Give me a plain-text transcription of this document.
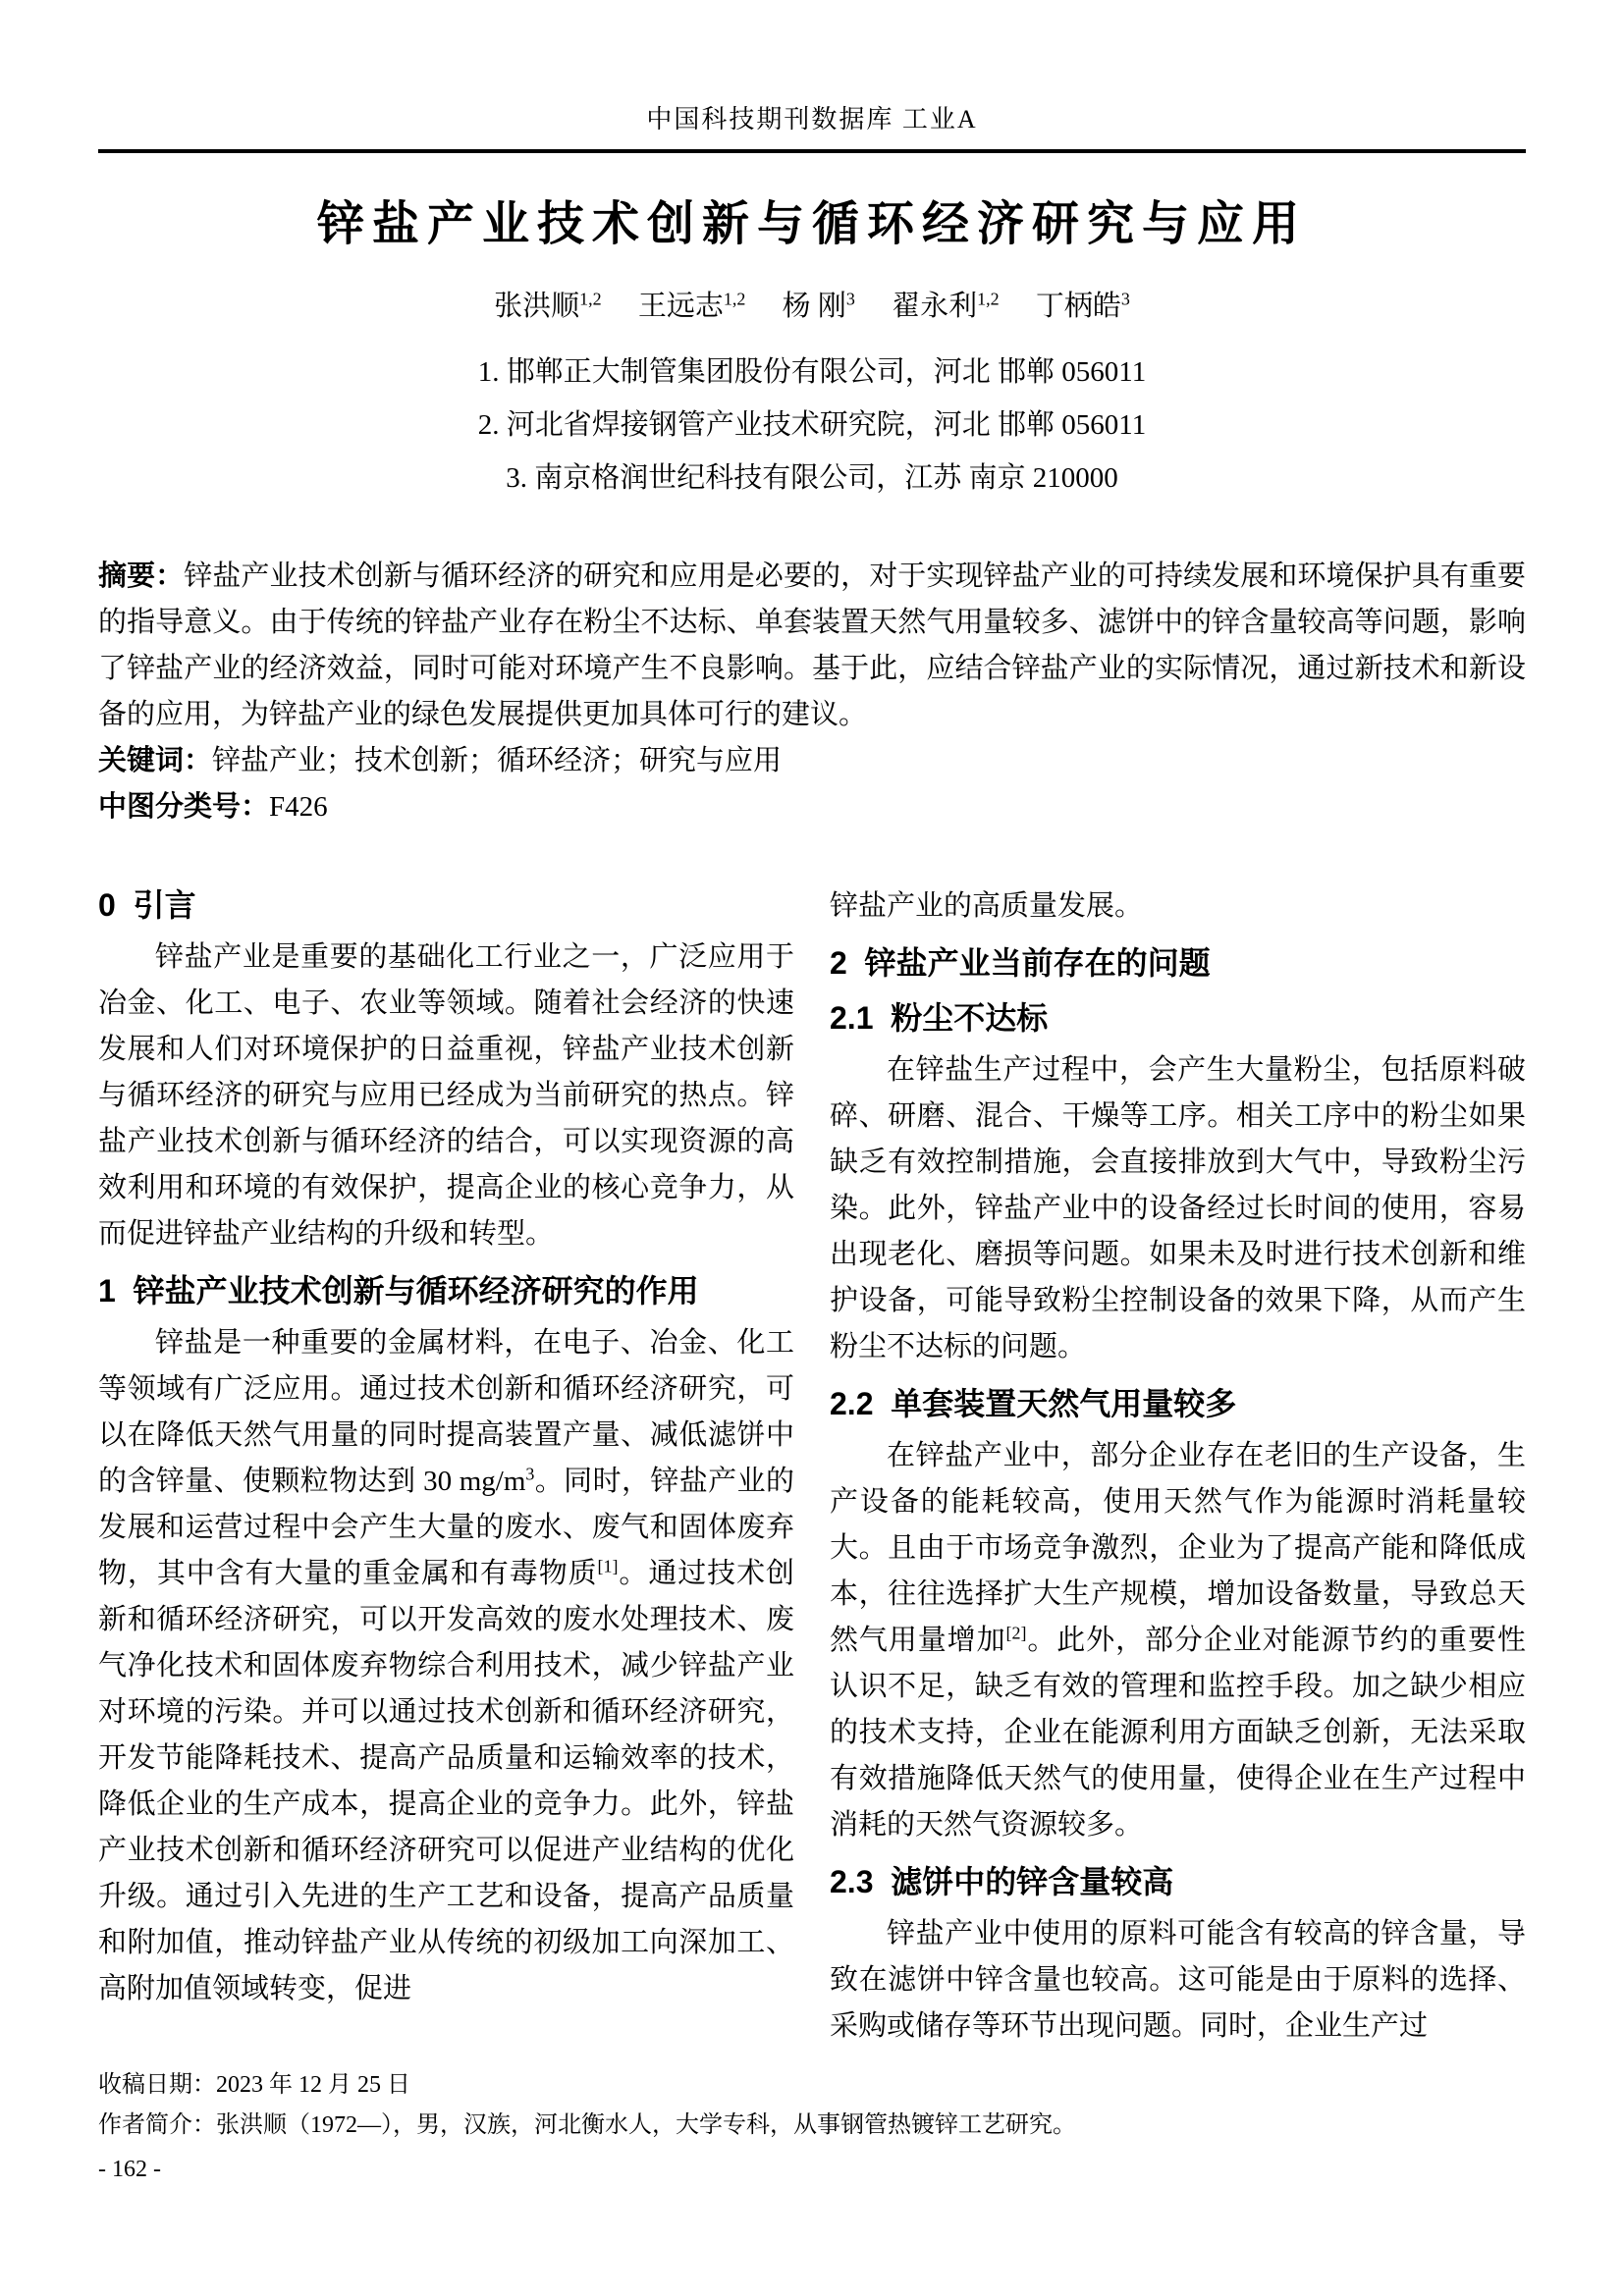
中国科技期刊数据库 工业A
锌盐产业技术创新与循环经济研究与应用
张洪顺$^{1,2}$ 王远志$^{1,2}$ 杨 刚$^3$ 翟永利$^{1,2}$ 丁柄皓$^3$
1. 邯郸正大制管集团股份有限公司，河北 邯郸 056011
2. 河北省焊接钢管产业技术研究院，河北 邯郸 056011
3. 南京格润世纪科技有限公司，江苏 南京 210000

摘要：锌盐产业技术创新与循环经济的研究和应用是必要的，对于实现锌盐产业的可持续发展和环境保护具有重要的指导意义。由于传统的锌盐产业存在粉尘不达标、单套装置天然气用量较多、滤饼中的锌含量较高等问题，影响了锌盐产业的经济效益，同时可能对环境产生不良影响。基于此，应结合锌盐产业的实际情况，通过新技术和新设备的应用，为锌盐产业的绿色发展提供更加具体可行的建议。

关键词：锌盐产业；技术创新；循环经济；研究与应用

中图分类号：F426

0  引言

锌盐产业是重要的基础化工行业之一，广泛应用于冶金、化工、电子、农业等领域。随着社会经济的快速发展和人们对环境保护的日益重视，锌盐产业技术创新与循环经济的研究与应用已经成为当前研究的热点。锌盐产业技术创新与循环经济的结合，可以实现资源的高效利用和环境的有效保护，提高企业的核心竞争力，从而促进锌盐产业结构的升级和转型。

1  锌盐产业技术创新与循环经济研究的作用

锌盐是一种重要的金属材料，在电子、冶金、化工等领域有广泛应用。通过技术创新和循环经济研究，可以在降低天然气用量的同时提高装置产量、减低滤饼中的含锌量、使颗粒物达到 30 $mg/m^3$。同时，锌盐产业的发展和运营过程中会产生大量的废水、废气和固体废弃物，其中含有大量的重金属和有毒物质[1]。通过技术创新和循环经济研究，可以开发高效的废水处理技术、废气净化技术和固体废弃物综合利用技术，减少锌盐产业对环境的污染。并可以通过技术创新和循环经济研究，开发节能降耗技术、提高产品质量和运输效率的技术，降低企业的生产成本，提高企业的竞争力。此外，锌盐产业技术创新和循环经济研究可以促进产业结构的优化升级。通过引入先进的生产工艺和设备，提高产品质量和附加值，推动锌盐产业从传统的初级加工向深加工、高附加值领域转变，促进

锌盐产业的高质量发展。

2  锌盐产业当前存在的问题
2.1  粉尘不达标

在锌盐生产过程中，会产生大量粉尘，包括原料破碎、研磨、混合、干燥等工序。相关工序中的粉尘如果缺乏有效控制措施，会直接排放到大气中，导致粉尘污染。此外，锌盐产业中的设备经过长时间的使用，容易出现老化、磨损等问题。如果未及时进行技术创新和维护设备，可能导致粉尘控制设备的效果下降，从而产生粉尘不达标的问题。

2.2  单套装置天然气用量较多

在锌盐产业中，部分企业存在老旧的生产设备，生产设备的能耗较高，使用天然气作为能源时消耗量较大。且由于市场竞争激烈，企业为了提高产能和降低成本，往往选择扩大生产规模，增加设备数量，导致总天然气用量增加[2]。此外，部分企业对能源节约的重要性认识不足，缺乏有效的管理和监控手段。加之缺少相应的技术支持，企业在能源利用方面缺乏创新，无法采取有效措施降低天然气的使用量，使得企业在生产过程中消耗的天然气资源较多。

2.3  滤饼中的锌含量较高

锌盐产业中使用的原料可能含有较高的锌含量，导致在滤饼中锌含量也较高。这可能是由于原料的选择、采购或储存等环节出现问题。同时，企业生产过

收稿日期：2023 年 12 月 25 日
作者简介：张洪顺（1972—），男，汉族，河北衡水人，大学专科，从事钢管热镀锌工艺研究。
- 162 -
